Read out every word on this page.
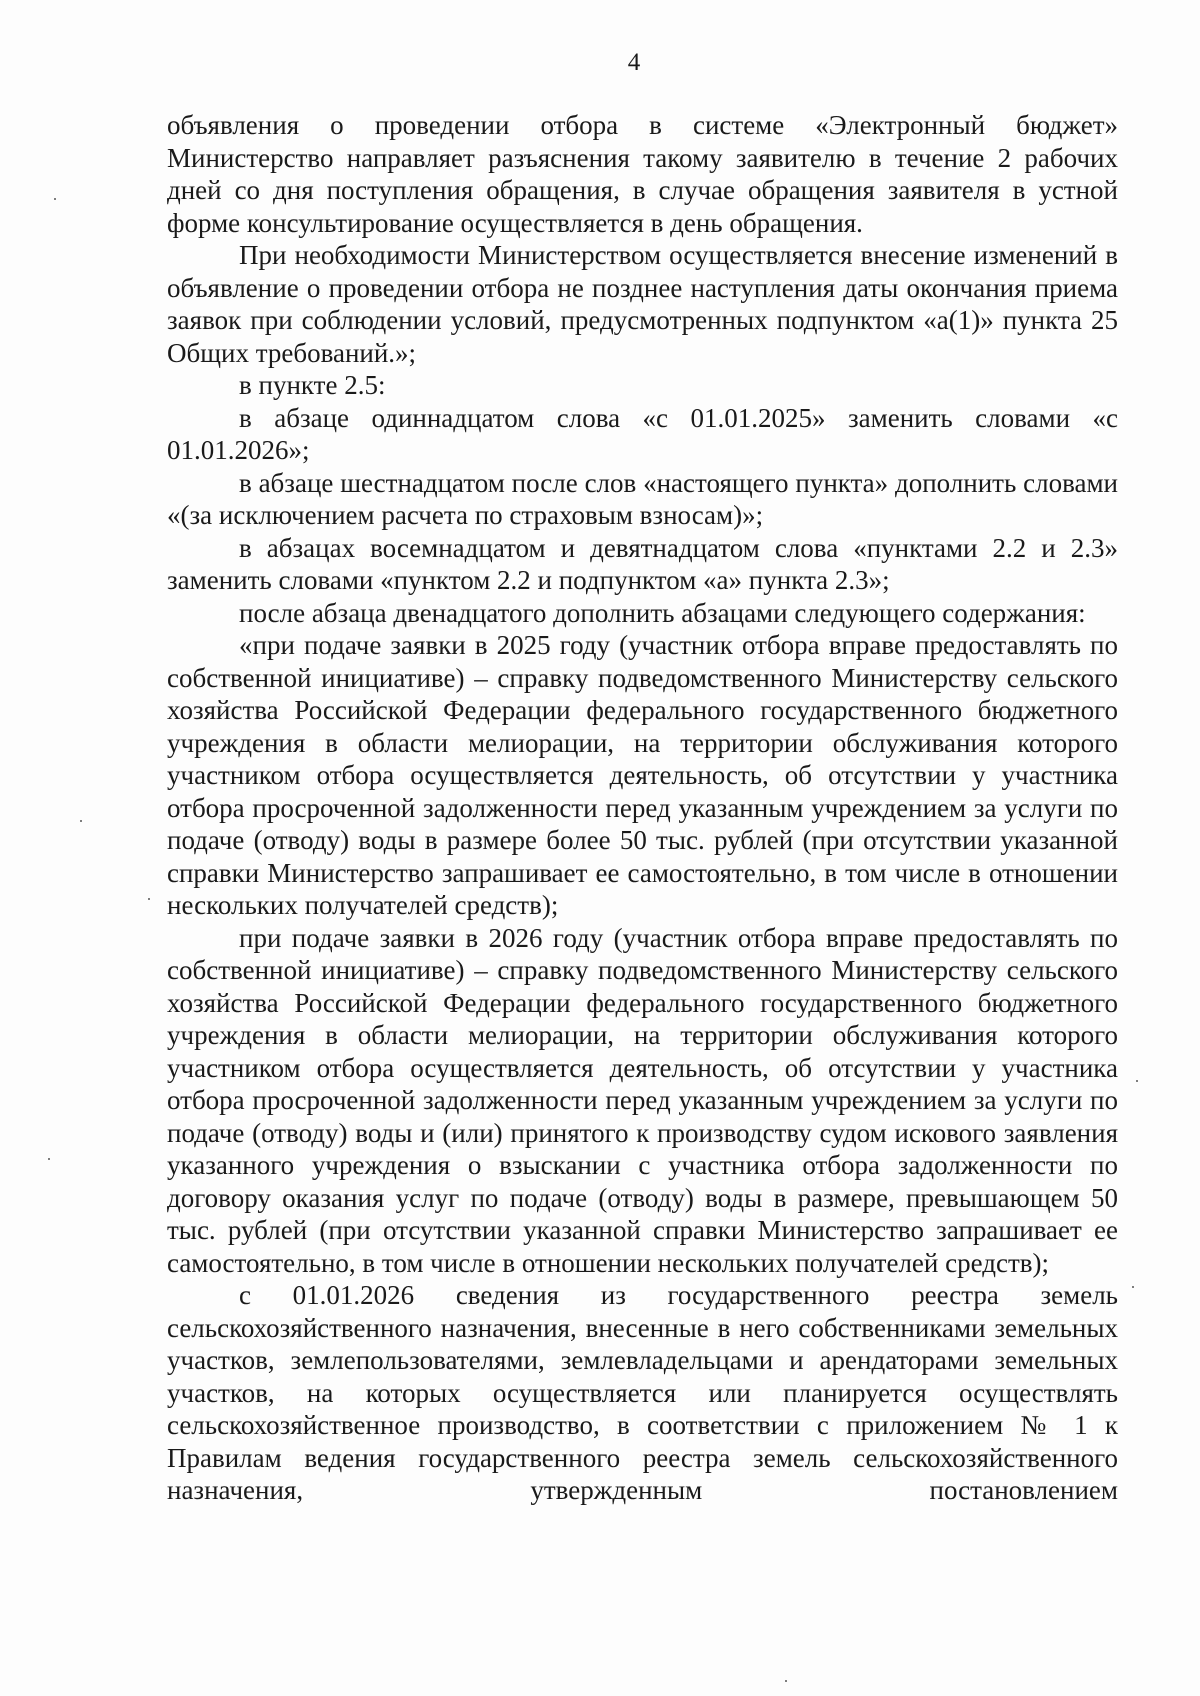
4

объявления о проведении отбора в системе «Электронный бюджет» Министерство направляет разъяснения такому заявителю в течение 2 рабочих дней со дня поступления обращения, в случае обращения заявителя в устной форме консультирование осуществляется в день обращения.

При необходимости Министерством осуществляется внесение изменений в объявление о проведении отбора не позднее наступления даты окончания приема заявок при соблюдении условий, предусмотренных подпунктом «а(1)» пункта 25 Общих требований.»;

в пункте 2.5:

в абзаце одиннадцатом слова «с 01.01.2025» заменить словами «с 01.01.2026»;

в абзаце шестнадцатом после слов «настоящего пункта» дополнить словами «(за исключением расчета по страховым взносам)»;

в абзацах восемнадцатом и девятнадцатом слова «пунктами 2.2 и 2.3» заменить словами «пунктом 2.2 и подпунктом «а» пункта 2.3»;

после абзаца двенадцатого дополнить абзацами следующего содержания:

«при подаче заявки в 2025 году (участник отбора вправе предоставлять по собственной инициативе) – справку подведомственного Министерству сельского хозяйства Российской Федерации федерального государственного бюджетного учреждения в области мелиорации, на территории обслуживания которого участником отбора осуществляется деятельность, об отсутствии у участника отбора просроченной задолженности перед указанным учреждением за услуги по подаче (отводу) воды в размере более 50 тыс. рублей (при отсутствии указанной справки Министерство запрашивает ее самостоятельно, в том числе в отношении нескольких получателей средств);

при подаче заявки в 2026 году (участник отбора вправе предоставлять по собственной инициативе) – справку подведомственного Министерству сельского хозяйства Российской Федерации федерального государственного бюджетного учреждения в области мелиорации, на территории обслуживания которого участником отбора осуществляется деятельность, об отсутствии у участника отбора просроченной задолженности перед указанным учреждением за услуги по подаче (отводу) воды и (или) принятого к производству судом искового заявления указанного учреждения о взыскании с участника отбора задолженности по договору оказания услуг по подаче (отводу) воды в размере, превышающем 50 тыс. рублей (при отсутствии указанной справки Министерство запрашивает ее самостоятельно, в том числе в отношении нескольких получателей средств);

с 01.01.2026 сведения из государственного реестра земель сельскохозяйственного назначения, внесенные в него собственниками земельных участков, землепользователями, землевладельцами и арендаторами земельных участков, на которых осуществляется или планируется осуществлять сельскохозяйственное производство, в соответствии с приложением № 1 к Правилам ведения государственного реестра земель сельскохозяйственного назначения, утвержденным постановлением
